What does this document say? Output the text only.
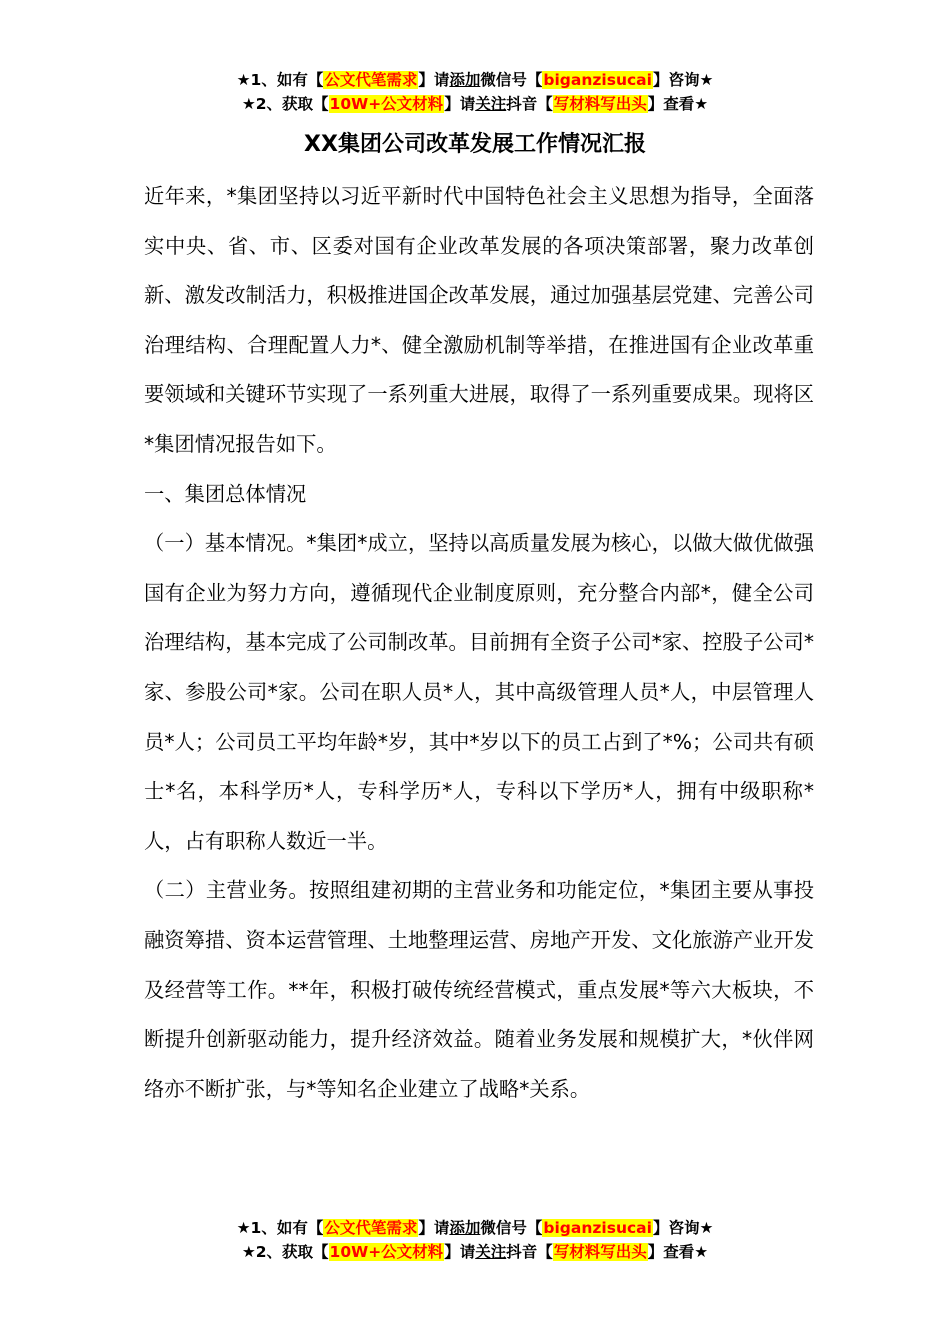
★1、如有【公文代笔需求】请添加微信号【biganzisucai】咨询★
★2、获取【10W+公文材料】请关注抖音【写材料写出头】查看★
XX集团公司改革发展工作情况汇报

近年来，*集团坚持以习近平新时代中国特色社会主义思想为指导，全面落实中央、省、市、区委对国有企业改革发展的各项决策部署，聚力改革创新、激发改制活力，积极推进国企改革发展，通过加强基层党建、完善公司治理结构、合理配置人力*、健全激励机制等举措，在推进国有企业改革重要领域和关键环节实现了一系列重大进展，取得了一系列重要成果。现将区*集团情况报告如下。

一、集团总体情况

（一）基本情况。*集团*成立，坚持以高质量发展为核心，以做大做优做强国有企业为努力方向，遵循现代企业制度原则，充分整合内部*，健全公司治理结构，基本完成了公司制改革。目前拥有全资子公司*家、控股子公司*家、参股公司*家。公司在职人员*人，其中高级管理人员*人，中层管理人员*人；公司员工平均年龄*岁，其中*岁以下的员工占到了*%；公司共有硕士*名，本科学历*人，专科学历*人，专科以下学历*人，拥有中级职称*人，占有职称人数近一半。

（二）主营业务。按照组建初期的主营业务和功能定位，*集团主要从事投融资筹措、资本运营管理、土地整理运营、房地产开发、文化旅游产业开发及经营等工作。**年，积极打破传统经营模式，重点发展*等六大板块，不断提升创新驱动能力，提升经济效益。随着业务发展和规模扩大，*伙伴网络亦不断扩张，与*等知名企业建立了战略*关系。

★1、如有【公文代笔需求】请添加微信号【biganzisucai】咨询★
★2、获取【10W+公文材料】请关注抖音【写材料写出头】查看★
